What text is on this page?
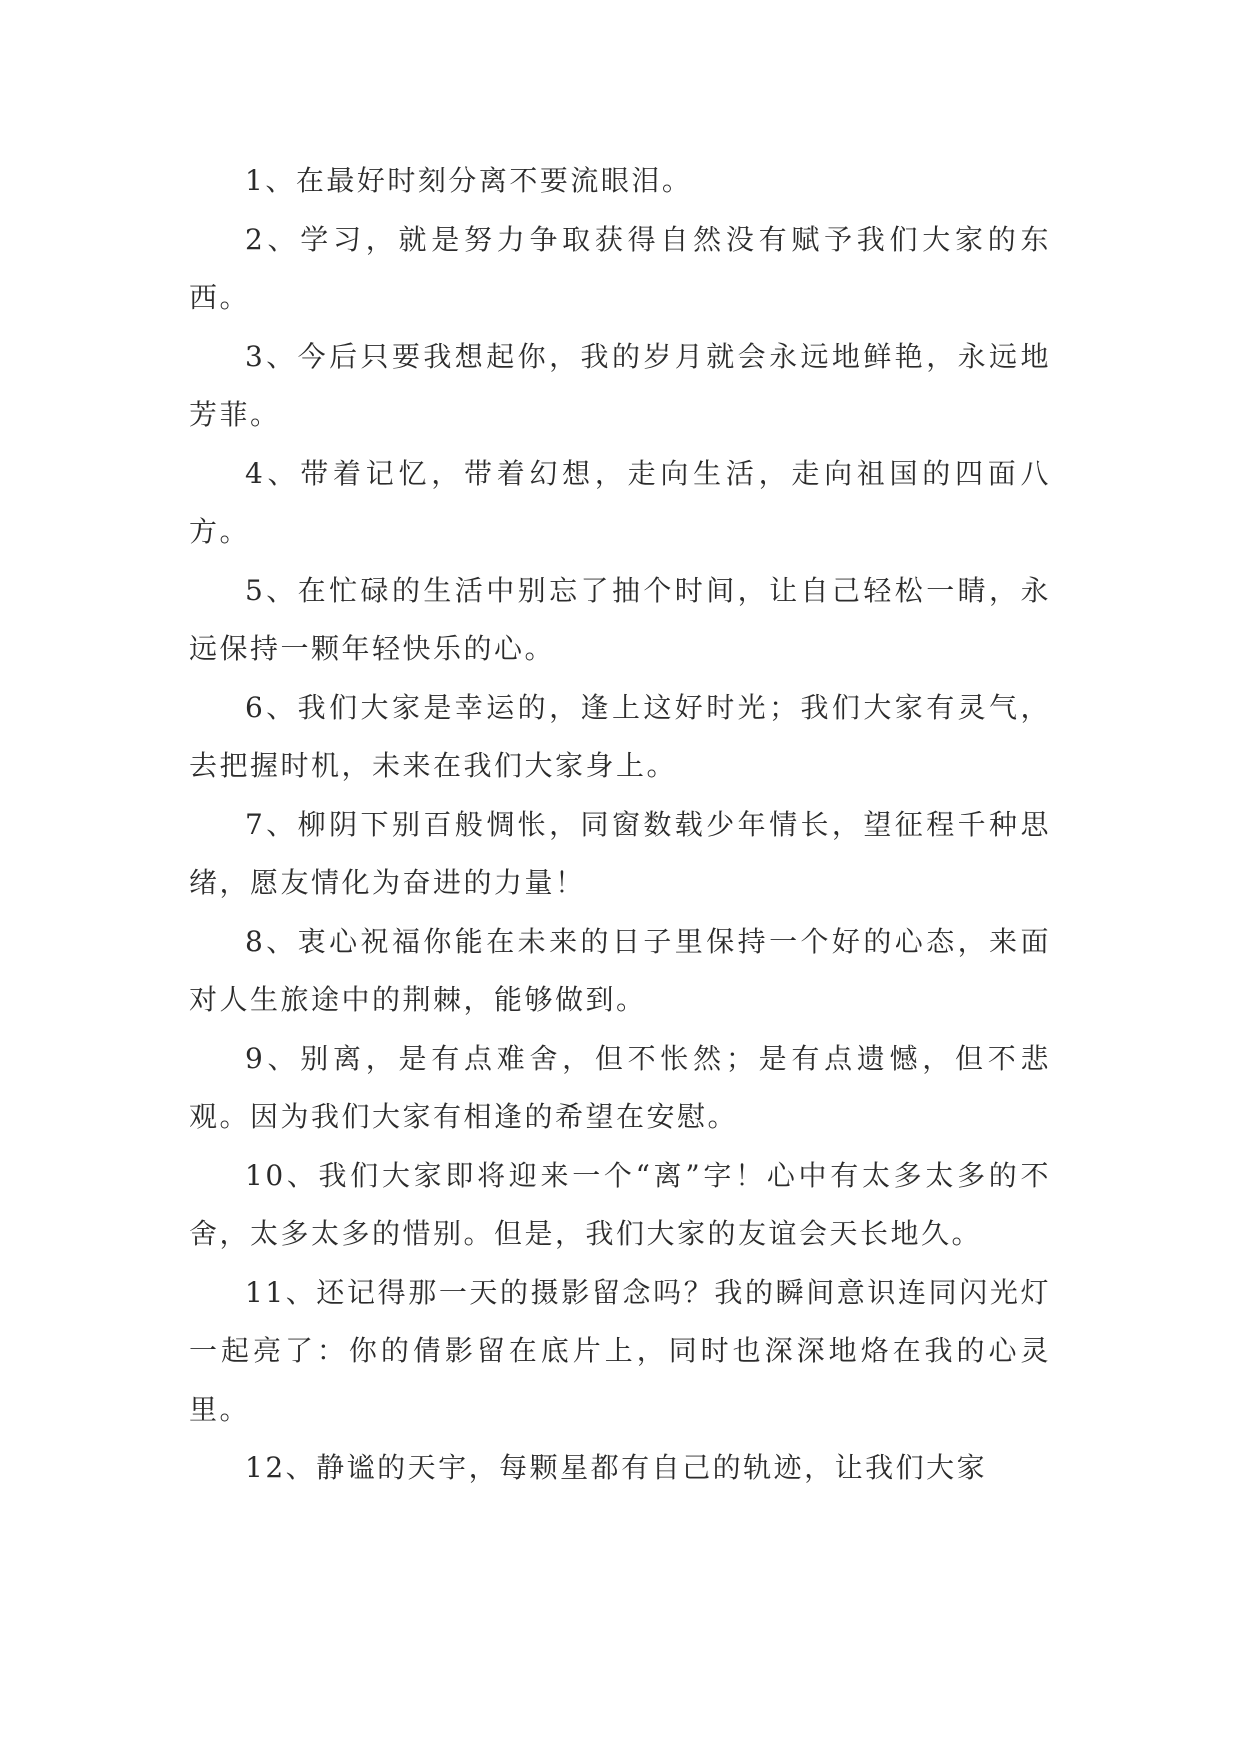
1、在最好时刻分离不要流眼泪。

2、学习，就是努力争取获得自然没有赋予我们大家的东西。

3、今后只要我想起你，我的岁月就会永远地鲜艳，永远地芳菲。

4、带着记忆，带着幻想，走向生活，走向祖国的四面八方。

5、在忙碌的生活中别忘了抽个时间，让自己轻松一睛，永远保持一颗年轻快乐的心。

6、我们大家是幸运的，逢上这好时光；我们大家有灵气，去把握时机，未来在我们大家身上。

7、柳阴下别百般惆怅，同窗数载少年情长，望征程千种思绪，愿友情化为奋进的力量！

8、衷心祝福你能在未来的日子里保持一个好的心态，来面对人生旅途中的荆棘，能够做到。

9、别离，是有点难舍，但不怅然；是有点遗憾，但不悲观。因为我们大家有相逢的希望在安慰。

10、我们大家即将迎来一个“离”字！心中有太多太多的不舍，太多太多的惜别。但是，我们大家的友谊会天长地久。

11、还记得那一天的摄影留念吗？我的瞬间意识连同闪光灯一起亮了：你的倩影留在底片上，同时也深深地烙在我的心灵里。

12、静谧的天宇，每颗星都有自己的轨迹，让我们大家
